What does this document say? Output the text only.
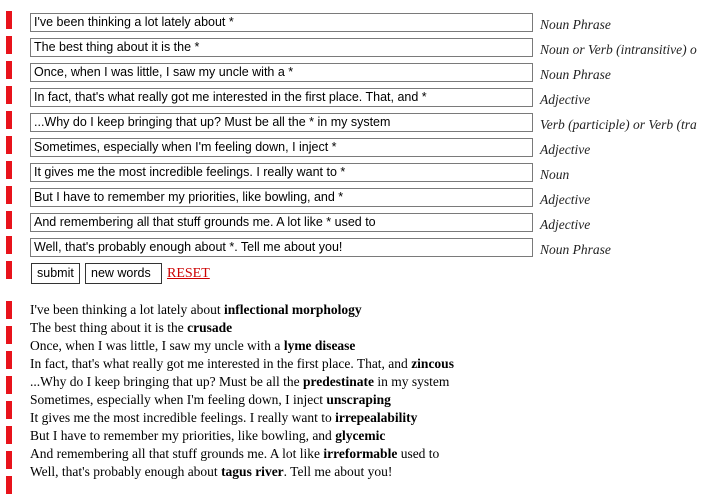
I've been thinking a lot lately about *	Noun Phrase
The best thing about it is the *	Noun or Verb (intransitive) o
Once, when I was little, I saw my uncle with a *	Noun Phrase
In fact, that's what really got me interested in the first place. That, and *	Adjective
...Why do I keep bringing that up? Must be all the * in my system	Verb (participle) or Verb (tra
Sometimes, especially when I'm feeling down, I inject *	Adjective
It gives me the most incredible feelings. I really want to *	Noun
But I have to remember my priorities, like bowling, and *	Adjective
And remembering all that stuff grounds me. A lot like * used to	Adjective
Well, that's probably enough about *. Tell me about you!	Noun Phrase
submit	new words	RESET
I've been thinking a lot lately about inflectional morphology
The best thing about it is the crusade
Once, when I was little, I saw my uncle with a lyme disease
In fact, that's what really got me interested in the first place. That, and zincous
...Why do I keep bringing that up? Must be all the predestinate in my system
Sometimes, especially when I'm feeling down, I inject unscraping
It gives me the most incredible feelings. I really want to irrepealability
But I have to remember my priorities, like bowling, and glycemic
And remembering all that stuff grounds me. A lot like irreformable used to
Well, that's probably enough about tagus river. Tell me about you!
